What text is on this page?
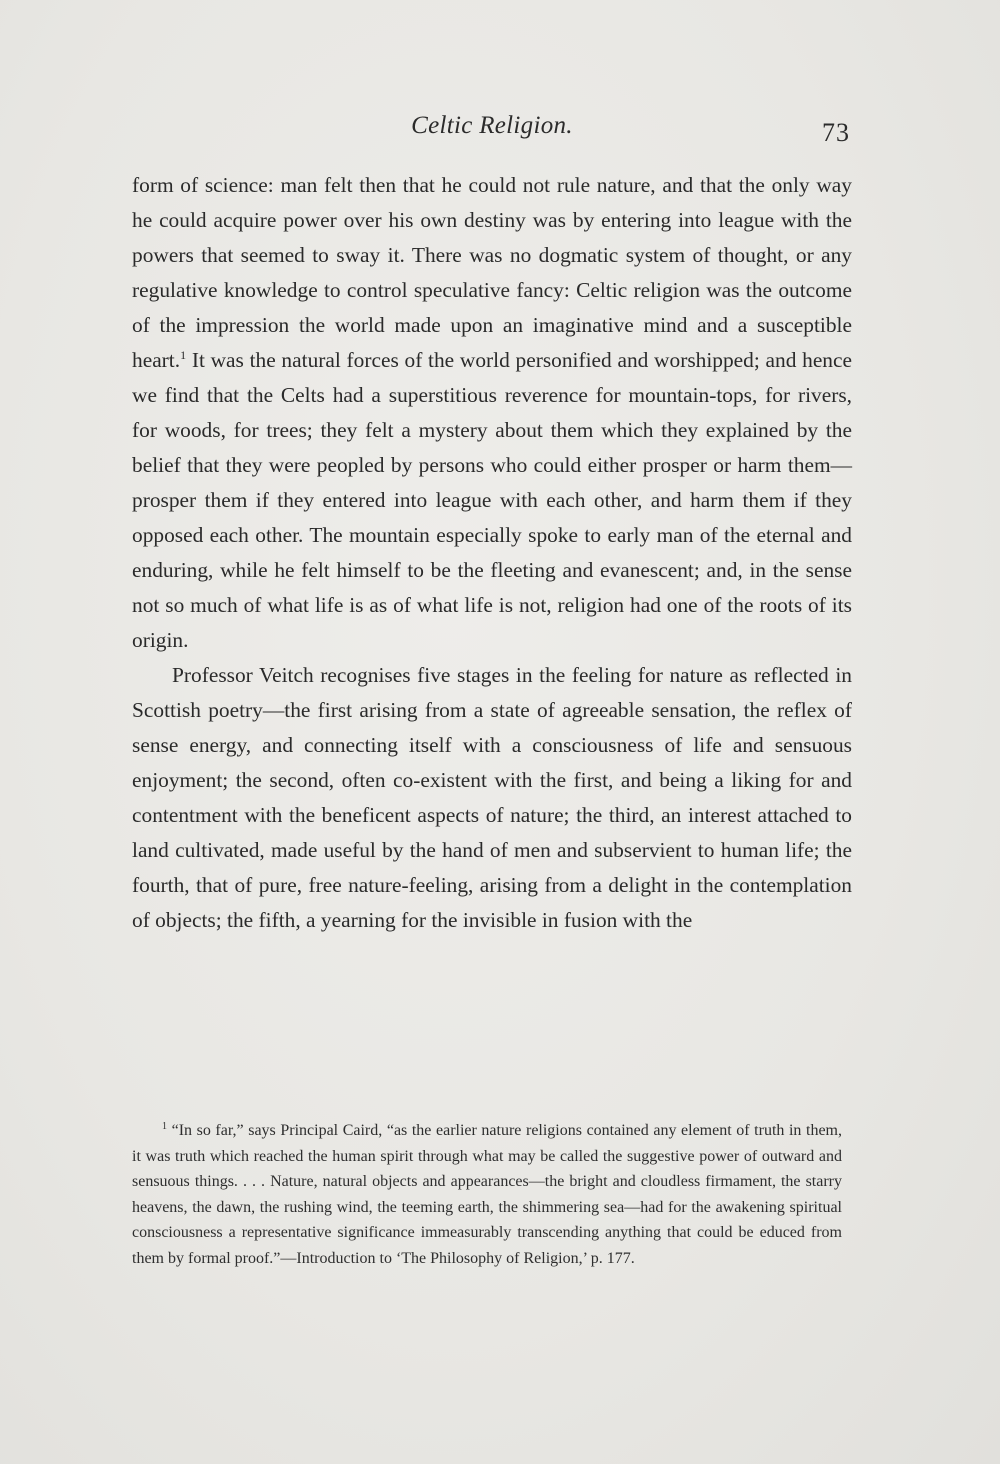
Celtic Religion.	73

form of science: man felt then that he could not rule nature, and that the only way he could acquire power over his own destiny was by entering into league with the powers that seemed to sway it. There was no dogmatic system of thought, or any regulative knowledge to control speculative fancy: Celtic religion was the outcome of the impression the world made upon an imaginative mind and a susceptible heart.$^1$ It was the natural forces of the world personified and worshipped; and hence we find that the Celts had a superstitious reverence for mountain-tops, for rivers, for woods, for trees; they felt a mystery about them which they explained by the belief that they were peopled by persons who could either prosper or harm them—prosper them if they entered into league with each other, and harm them if they opposed each other. The mountain especially spoke to early man of the eternal and enduring, while he felt himself to be the fleeting and evanescent; and, in the sense not so much of what life is as of what life is not, religion had one of the roots of its origin.

Professor Veitch recognises five stages in the feeling for nature as reflected in Scottish poetry—the first arising from a state of agreeable sensation, the reflex of sense energy, and connecting itself with a consciousness of life and sensuous enjoyment; the second, often co-existent with the first, and being a liking for and contentment with the beneficent aspects of nature; the third, an interest attached to land cultivated, made useful by the hand of men and subservient to human life; the fourth, that of pure, free nature-feeling, arising from a delight in the contemplation of objects; the fifth, a yearning for the invisible in fusion with the

$^1$ “In so far,” says Principal Caird, “as the earlier nature religions contained any element of truth in them, it was truth which reached the human spirit through what may be called the suggestive power of outward and sensuous things. . . . Nature, natural objects and appearances—the bright and cloudless firmament, the starry heavens, the dawn, the rushing wind, the teeming earth, the shimmering sea—had for the awakening spiritual consciousness a representative significance immeasurably transcending anything that could be educed from them by formal proof.”—Introduction to ‘The Philosophy of Religion,’ p. 177.
